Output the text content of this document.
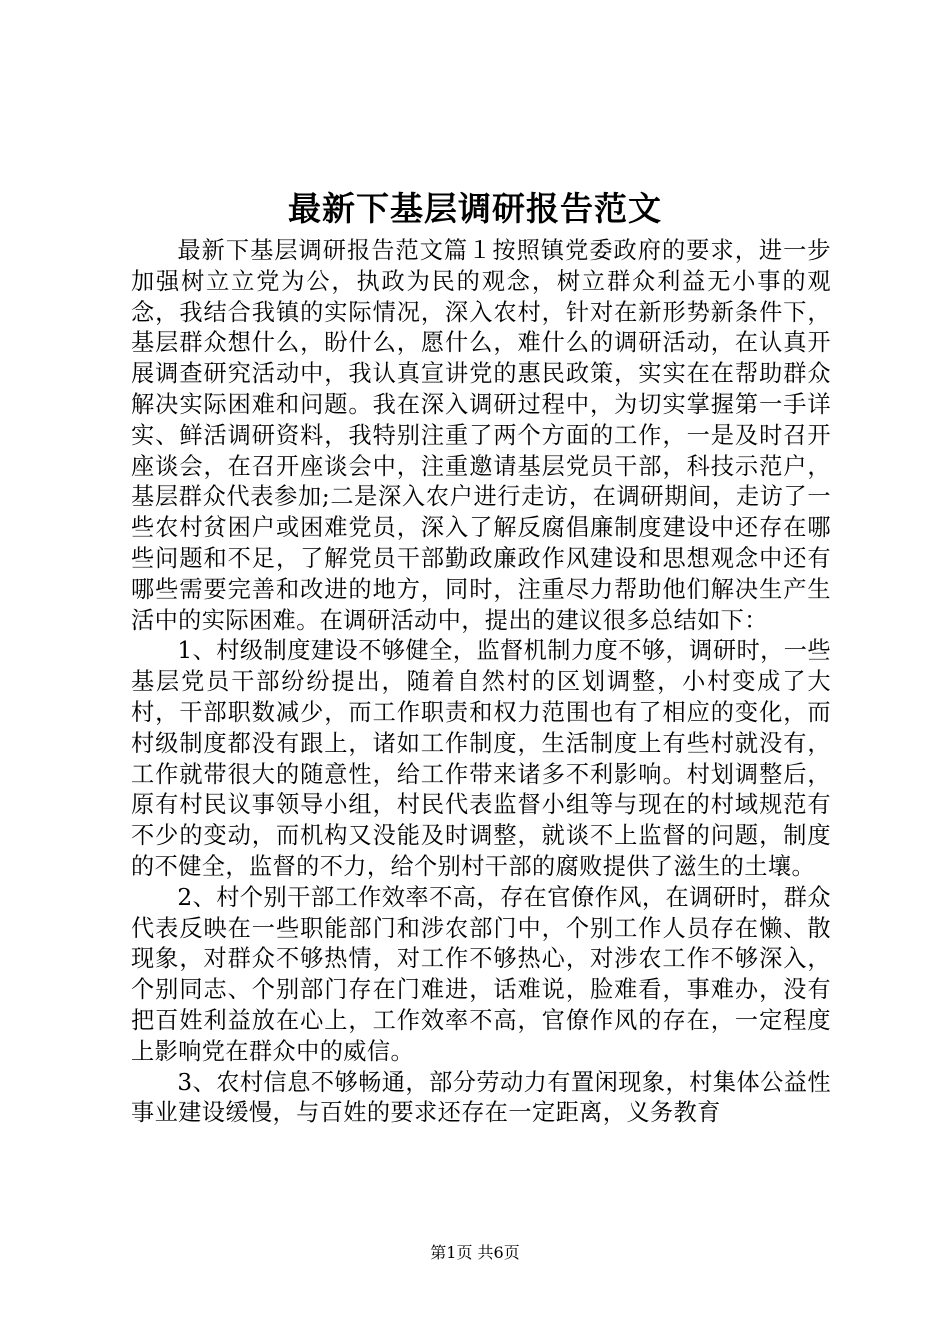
最新下基层调研报告范文

最新下基层调研报告范文篇１按照镇党委政府的要求，进一步加强树立立党为公，执政为民的观念，树立群众利益无小事的观念，我结合我镇的实际情况，深入农村，针对在新形势新条件下，基层群众想什么，盼什么，愿什么，难什么的调研活动，在认真开展调查研究活动中，我认真宣讲党的惠民政策，实实在在帮助群众解决实际困难和问题。我在深入调研过程中，为切实掌握第一手详实、鲜活调研资料，我特别注重了两个方面的工作，一是及时召开座谈会，在召开座谈会中，注重邀请基层党员干部，科技示范户，基层群众代表参加;二是深入农户进行走访，在调研期间，走访了一些农村贫困户或困难党员，深入了解反腐倡廉制度建设中还存在哪些问题和不足，了解党员干部勤政廉政作风建设和思想观念中还有哪些需要完善和改进的地方，同时，注重尽力帮助他们解决生产生活中的实际困难。在调研活动中，提出的建议很多总结如下：

1、村级制度建设不够健全，监督机制力度不够，调研时，一些基层党员干部纷纷提出，随着自然村的区划调整，小村变成了大村，干部职数减少，而工作职责和权力范围也有了相应的变化，而村级制度都没有跟上，诸如工作制度，生活制度上有些村就没有，工作就带很大的随意性，给工作带来诸多不利影响。村划调整后，原有村民议事领导小组，村民代表监督小组等与现在的村域规范有不少的变动，而机构又没能及时调整，就谈不上监督的问题，制度的不健全，监督的不力，给个别村干部的腐败提供了滋生的土壤。

2、村个别干部工作效率不高，存在官僚作风，在调研时，群众代表反映在一些职能部门和涉农部门中，个别工作人员存在懒、散现象，对群众不够热情，对工作不够热心，对涉农工作不够深入，个别同志、个别部门存在门难进，话难说，脸难看，事难办，没有把百姓利益放在心上，工作效率不高，官僚作风的存在，一定程度上影响党在群众中的威信。

3、农村信息不够畅通，部分劳动力有置闲现象，村集体公益性事业建设缓慢，与百姓的要求还存在一定距离，义务教育

第1页 共6页
